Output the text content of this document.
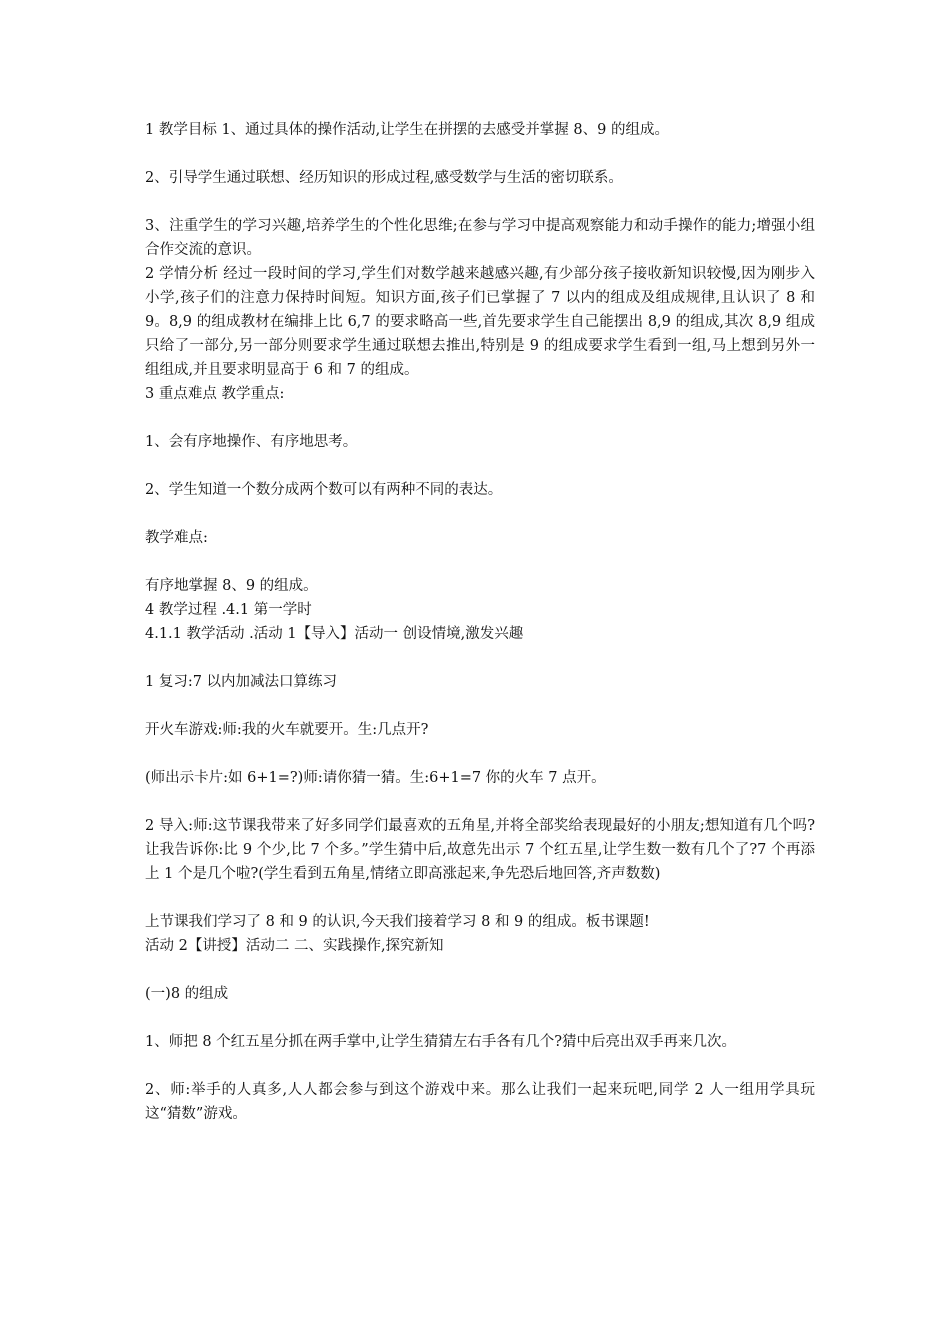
1 教学目标 1、通过具体的操作活动,让学生在拼摆的去感受并掌握 8、9 的组成。

2、引导学生通过联想、经历知识的形成过程,感受数学与生活的密切联系。

3、注重学生的学习兴趣,培养学生的个性化思维;在参与学习中提高观察能力和动手操作的能力;增强小组合作交流的意识。

2 学情分析 经过一段时间的学习,学生们对数学越来越感兴趣,有少部分孩子接收新知识较慢,因为刚步入小学,孩子们的注意力保持时间短。知识方面,孩子们已掌握了 7 以内的组成及组成规律,且认识了 8 和 9。8,9 的组成教材在编排上比 6,7 的要求略高一些,首先要求学生自己能摆出 8,9 的组成,其次 8,9 组成只给了一部分,另一部分则要求学生通过联想去推出,特别是 9 的组成要求学生看到一组,马上想到另外一组组成,并且要求明显高于 6 和 7 的组成。

3 重点难点 教学重点:

1、会有序地操作、有序地思考。

2、学生知道一个数分成两个数可以有两种不同的表达。

教学难点:

有序地掌握 8、9 的组成。

4 教学过程 .4.1 第一学时

4.1.1 教学活动 .活动 1【导入】活动一 创设情境,激发兴趣

1 复习:7 以内加减法口算练习

开火车游戏:师:我的火车就要开。生:几点开?

(师出示卡片:如 6+1=?)师:请你猜一猜。生:6+1=7 你的火车 7 点开。

2 导入:师:这节课我带来了好多同学们最喜欢的五角星,并将全部奖给表现最好的小朋友;想知道有几个吗?让我告诉你:比 9 个少,比 7 个多。”学生猜中后,故意先出示 7 个红五星,让学生数一数有几个了?7 个再添上 1 个是几个啦?(学生看到五角星,情绪立即高涨起来,争先恐后地回答,齐声数数)

上节课我们学习了 8 和 9 的认识,今天我们接着学习 8 和 9 的组成。板书课题!

活动 2【讲授】活动二 二、实践操作,探究新知

(一)8 的组成

1、师把 8 个红五星分抓在两手掌中,让学生猜猜左右手各有几个?猜中后亮出双手再来几次。

2、师:举手的人真多,人人都会参与到这个游戏中来。那么让我们一起来玩吧,同学 2 人一组用学具玩这“猜数”游戏。
